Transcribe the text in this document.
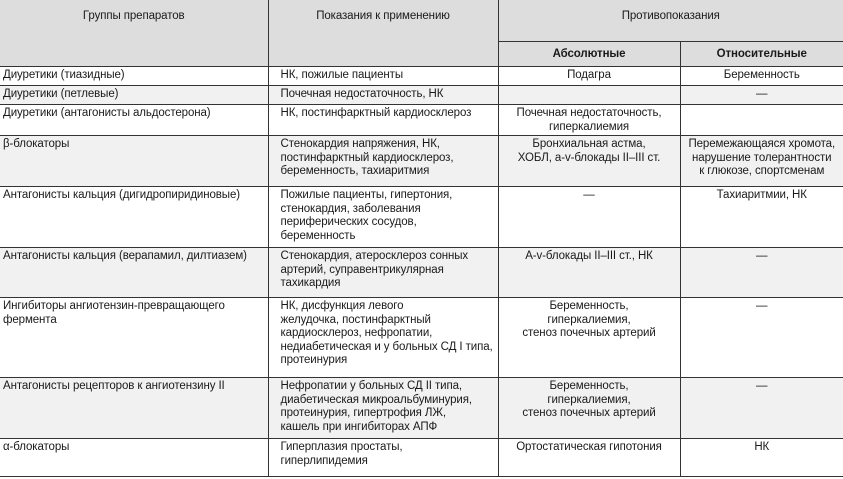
Группы препаратов	Показания к применению	Противопоказания	
		Абсолютные	Относительные
Диуретики (тиазидные)	НК, пожилые пациенты	Подагра	Беременность
Диуретики (петлевые)	Почечная недостаточность, НК		—
Диуретики (антагонисты альдостерона)	НК, постинфарктный кардиосклероз	Почечная недостаточность,
гиперкалиемия	
β-блокаторы	Стенокардия напряжения, НК,
постинфарктный кардиосклероз,
беременность, тахиаритмия	Бронхиальная астма,
ХОБЛ, а-v-блокады II–III ст.	Перемежающаяся хромота,
нарушение толерантности
к глюкозе, спортсменам
Антагонисты кальция (дигидропиридиновые)	Пожилые пациенты, гипертония,
стенокардия, заболевания
периферических сосудов,
беременность	—	Тахиаритмии, НК
Антагонисты кальция (верапамил, дилтиазем)	Стенокардия, атеросклероз сонных
артерий, суправентрикулярная
тахикардия	A-v-блокады II–III ст., НК	—
Ингибиторы ангиотензин-превращающего
фермента	НК, дисфункция левого
желудочка, постинфарктный
кардиосклероз, нефропатии,
недиабетическая и у больных СД I типа,
протеинурия	Беременность,
гиперкалиемия,
стеноз почечных артерий	—
Антагонисты рецепторов к ангиотензину II	Нефропатии у больных СД II типа,
диабетическая микроальбуминурия,
протеинурия, гипертрофия ЛЖ,
кашель при ингибиторах АПФ	Беременность,
гиперкалиемия,
стеноз почечных артерий	—
α-блокаторы	Гиперплазия простаты,
гиперлипидемия	Ортостатическая гипотония	НК
